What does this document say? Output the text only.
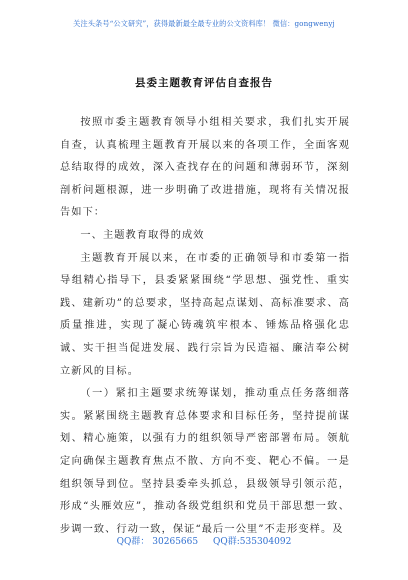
关注头条号“公文研究”，获得最新最全最专业的公文资料库！ 微信：gongwenyj
县委主题教育评估自查报告

按照市委主题教育领导小组相关要求，我们扎实开展自查，认真梳理主题教育开展以来的各项工作，全面客观总结取得的成效，深入查找存在的问题和薄弱环节，深刻剖析问题根源，进一步明确了改进措施，现将有关情况报告如下：

一、主题教育取得的成效

主题教育开展以来，在市委的正确领导和市委第一指导组精心指导下，县委紧紧围绕“学思想、强党性、重实践、建新功”的总要求，坚持高起点谋划、高标准要求、高质量推进，实现了凝心铸魂筑牢根本、锤炼品格强化忠诚、实干担当促进发展、践行宗旨为民造福、廉洁奉公树立新风的目标。

（一）紧扣主题要求统筹谋划，推动重点任务落细落实。紧紧围绕主题教育总体要求和目标任务，坚持提前谋划、精心施策，以强有力的组织领导严密部署布局。领航定向确保主题教育焦点不散、方向不变、靶心不偏。一是组织领导到位。坚持县委牵头抓总，县级领导引领示范，形成“头雁效应”，推动各级党组织和党员干部思想一致、步调一致、行动一致，保证“最后一公里”不走形变样。及

QQ群： 30265665 QQ群:535304092
